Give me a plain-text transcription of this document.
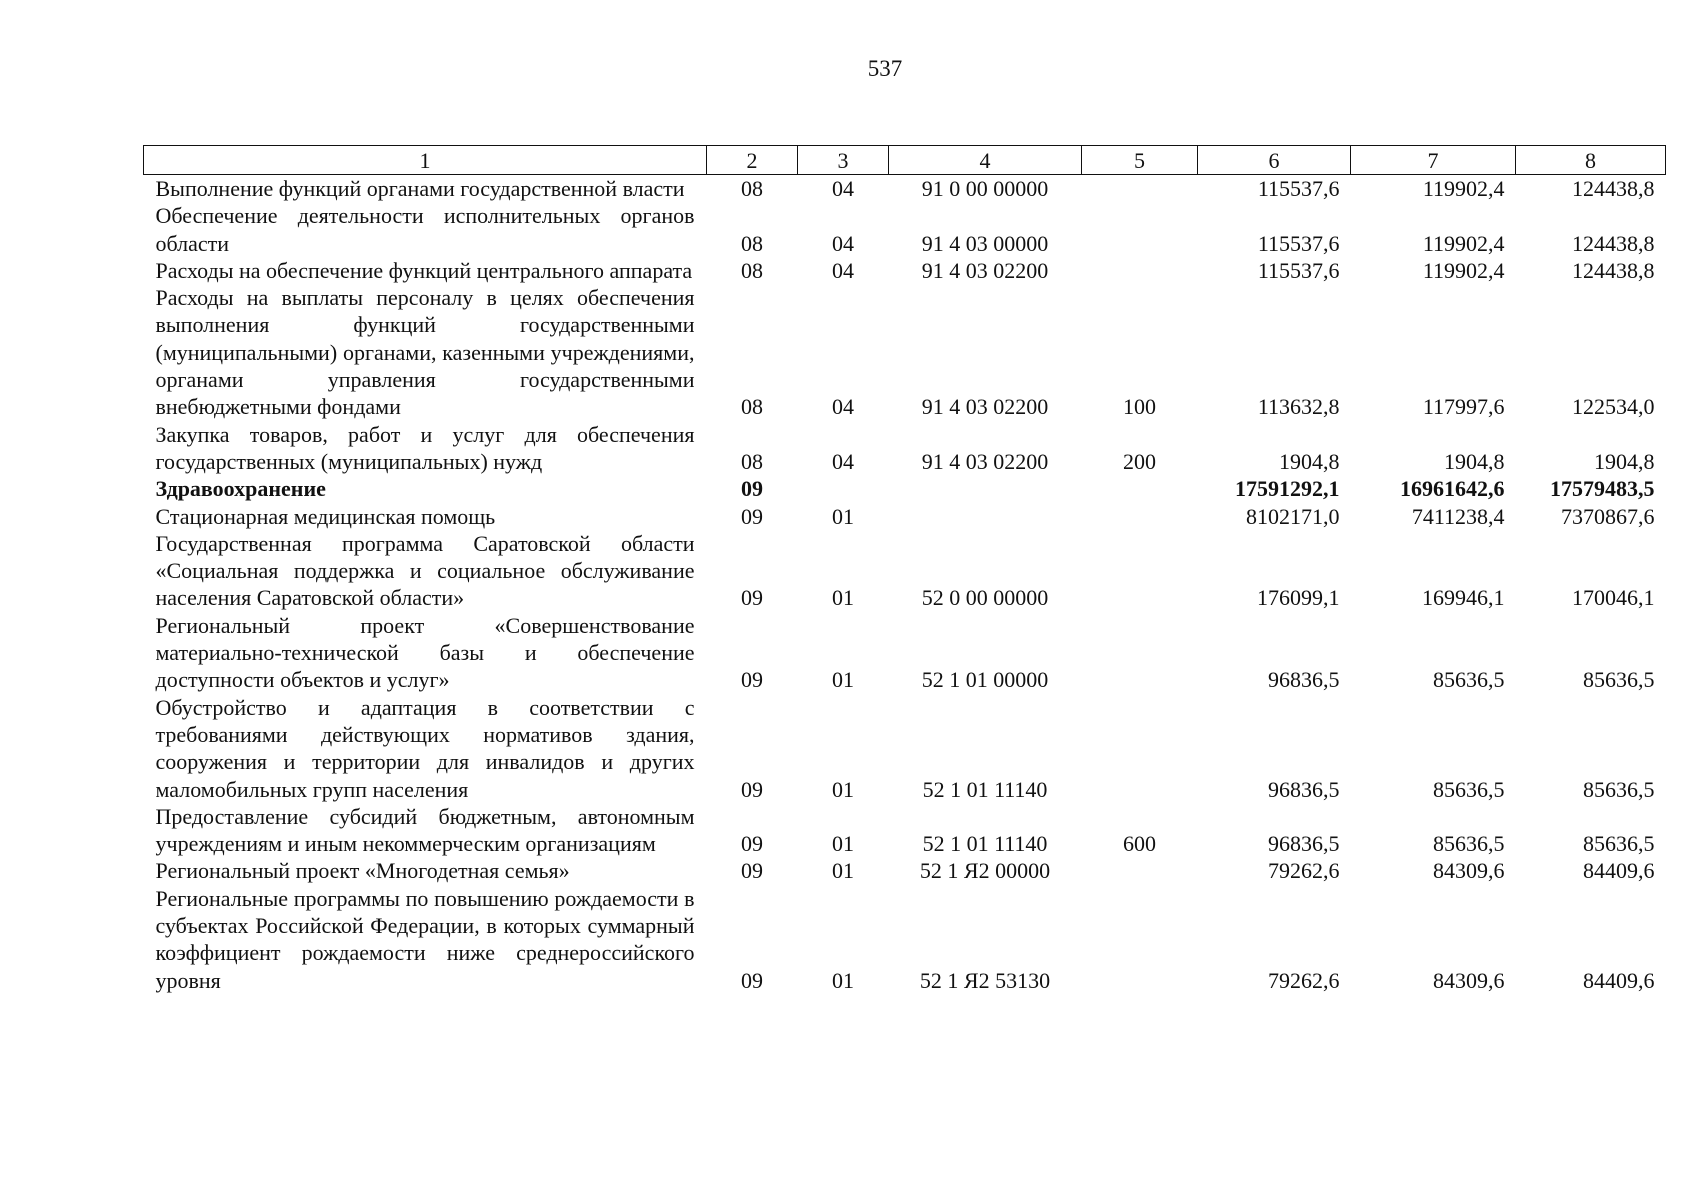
537
1	2	3	4	5	6	7	8
Выполнение функций органами государственной власти	08	04	91 0 00 00000		115537,6	119902,4	124438,8
Обеспечение деятельности исполнительных органов области	08	04	91 4 03 00000		115537,6	119902,4	124438,8
Расходы на обеспечение функций центрального аппарата	08	04	91 4 03 02200		115537,6	119902,4	124438,8
Расходы на выплаты персоналу в целях обеспечения выполнения функций государственными (муниципальными) органами, казенными учреждениями, органами управления государственными внебюджетными фондами	08	04	91 4 03 02200	100	113632,8	117997,6	122534,0
Закупка товаров, работ и услуг для обеспечения государственных (муниципальных) нужд	08	04	91 4 03 02200	200	1904,8	1904,8	1904,8
Здравоохранение	09				17591292,1	16961642,6	17579483,5
Стационарная медицинская помощь	09	01			8102171,0	7411238,4	7370867,6
Государственная программа Саратовской области «Социальная поддержка и социальное обслуживание населения Саратовской области»	09	01	52 0 00 00000		176099,1	169946,1	170046,1
Региональный проект «Совершенствование материально-технической базы и обеспечение доступности объектов и услуг»	09	01	52 1 01 00000		96836,5	85636,5	85636,5
Обустройство и адаптация в соответствии с требованиями действующих нормативов здания, сооружения и территории для инвалидов и других маломобильных групп населения	09	01	52 1 01 11140		96836,5	85636,5	85636,5
Предоставление субсидий бюджетным, автономным учреждениям и иным некоммерческим организациям	09	01	52 1 01 11140	600	96836,5	85636,5	85636,5
Региональный проект «Многодетная семья»	09	01	52 1 Я2 00000		79262,6	84309,6	84409,6
Региональные программы по повышению рождаемости в субъектах Российской Федерации, в которых суммарный коэффициент рождаемости ниже среднероссийского уровня	09	01	52 1 Я2 53130		79262,6	84309,6	84409,6
